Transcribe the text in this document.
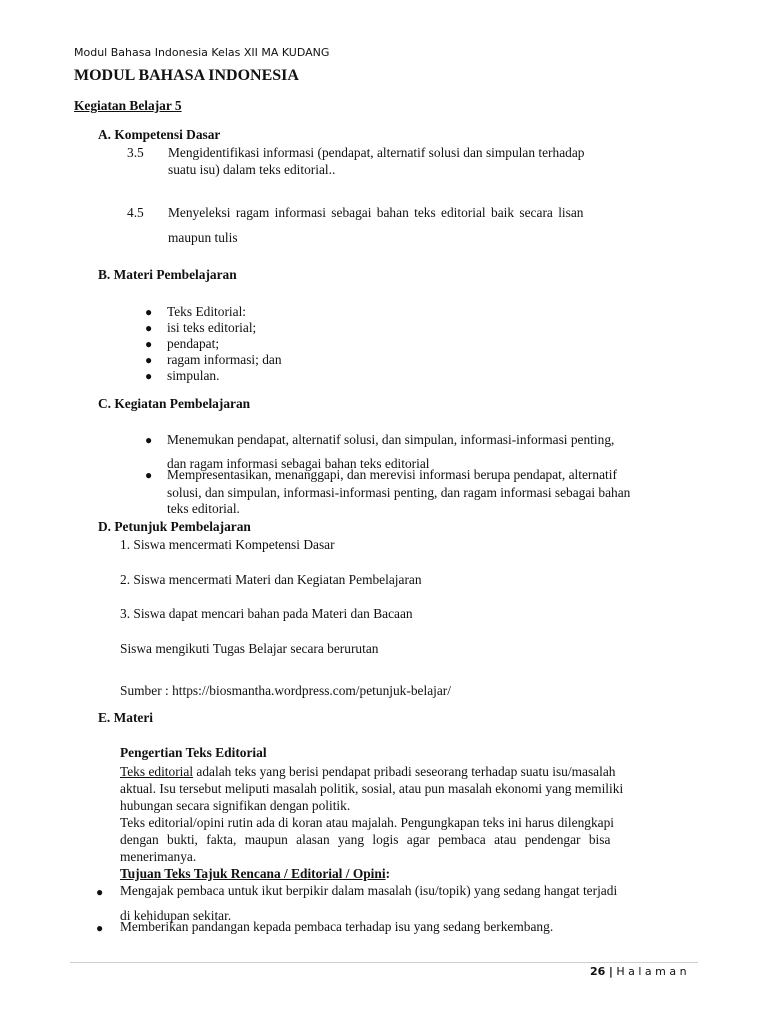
Modul Bahasa Indonesia Kelas XII MA KUDANG
MODUL BAHASA INDONESIA
Kegiatan Belajar 5
A. Kompetensi Dasar
3.5 Mengidentifikasi informasi (pendapat, alternatif solusi dan simpulan terhadap
suatu isu) dalam teks editorial..
4.5 Menyeleksi ragam informasi sebagai bahan teks editorial baik secara lisan
maupun tulis
B. Materi Pembelajaran
● Teks Editorial:
● isi teks editorial;
● pendapat;
● ragam informasi; dan
● simpulan.
C. Kegiatan Pembelajaran
● Menemukan pendapat, alternatif solusi, dan simpulan, informasi-informasi penting,
dan ragam informasi sebagai bahan teks editorial
● Mempresentasikan, menanggapi, dan merevisi informasi berupa pendapat, alternatif
solusi, dan simpulan, informasi-informasi penting, dan ragam informasi sebagai bahan
teks editorial.
D. Petunjuk Pembelajaran
1. Siswa mencermati Kompetensi Dasar
2. Siswa mencermati Materi dan Kegiatan Pembelajaran
3. Siswa dapat mencari bahan pada Materi dan Bacaan
Siswa mengikuti Tugas Belajar secara berurutan
Sumber : https://biosmantha.wordpress.com/petunjuk-belajar/
E. Materi
Pengertian Teks Editorial
Teks editorial adalah teks yang berisi pendapat pribadi seseorang terhadap suatu isu/masalah
aktual. Isu tersebut meliputi masalah politik, sosial, atau pun masalah ekonomi yang memiliki
hubungan secara signifikan dengan politik.
Teks editorial/opini rutin ada di koran atau majalah. Pengungkapan teks ini harus dilengkapi
dengan bukti, fakta, maupun alasan yang logis agar pembaca atau pendengar bisa
menerimanya.
Tujuan Teks Tajuk Rencana / Editorial / Opini:
● Mengajak pembaca untuk ikut berpikir dalam masalah (isu/topik) yang sedang hangat terjadi
di kehidupan sekitar.
● Memberikan pandangan kepada pembaca terhadap isu yang sedang berkembang.
26 | H a l a m a n
